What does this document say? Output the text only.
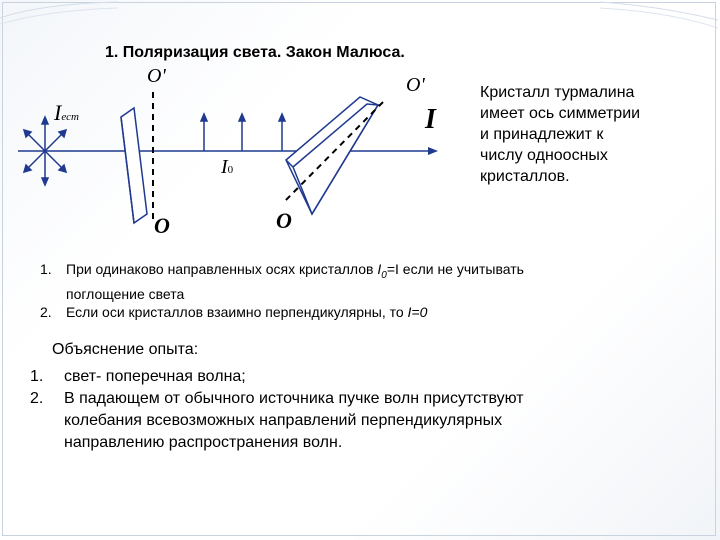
1. Поляризация света. Закон Малюса.
O'	O'
O	O
Iест
I0
I
Кристалл турмалина
имеет ось симметрии
и принадлежит к
числу одноосных
кристаллов.
1.	При одинаково направленных осях кристаллов $I_0=I$ если не учитывать
поглощение света
2.	Если оси кристаллов взаимно перпендикулярны, то I=0
Объяснение опыта:
1.	свет- поперечная волна;
2.	В падающем от обычного источника пучке волн присутствуют
колебания всевозможных направлений перпендикулярных
направлению распространения волн.
